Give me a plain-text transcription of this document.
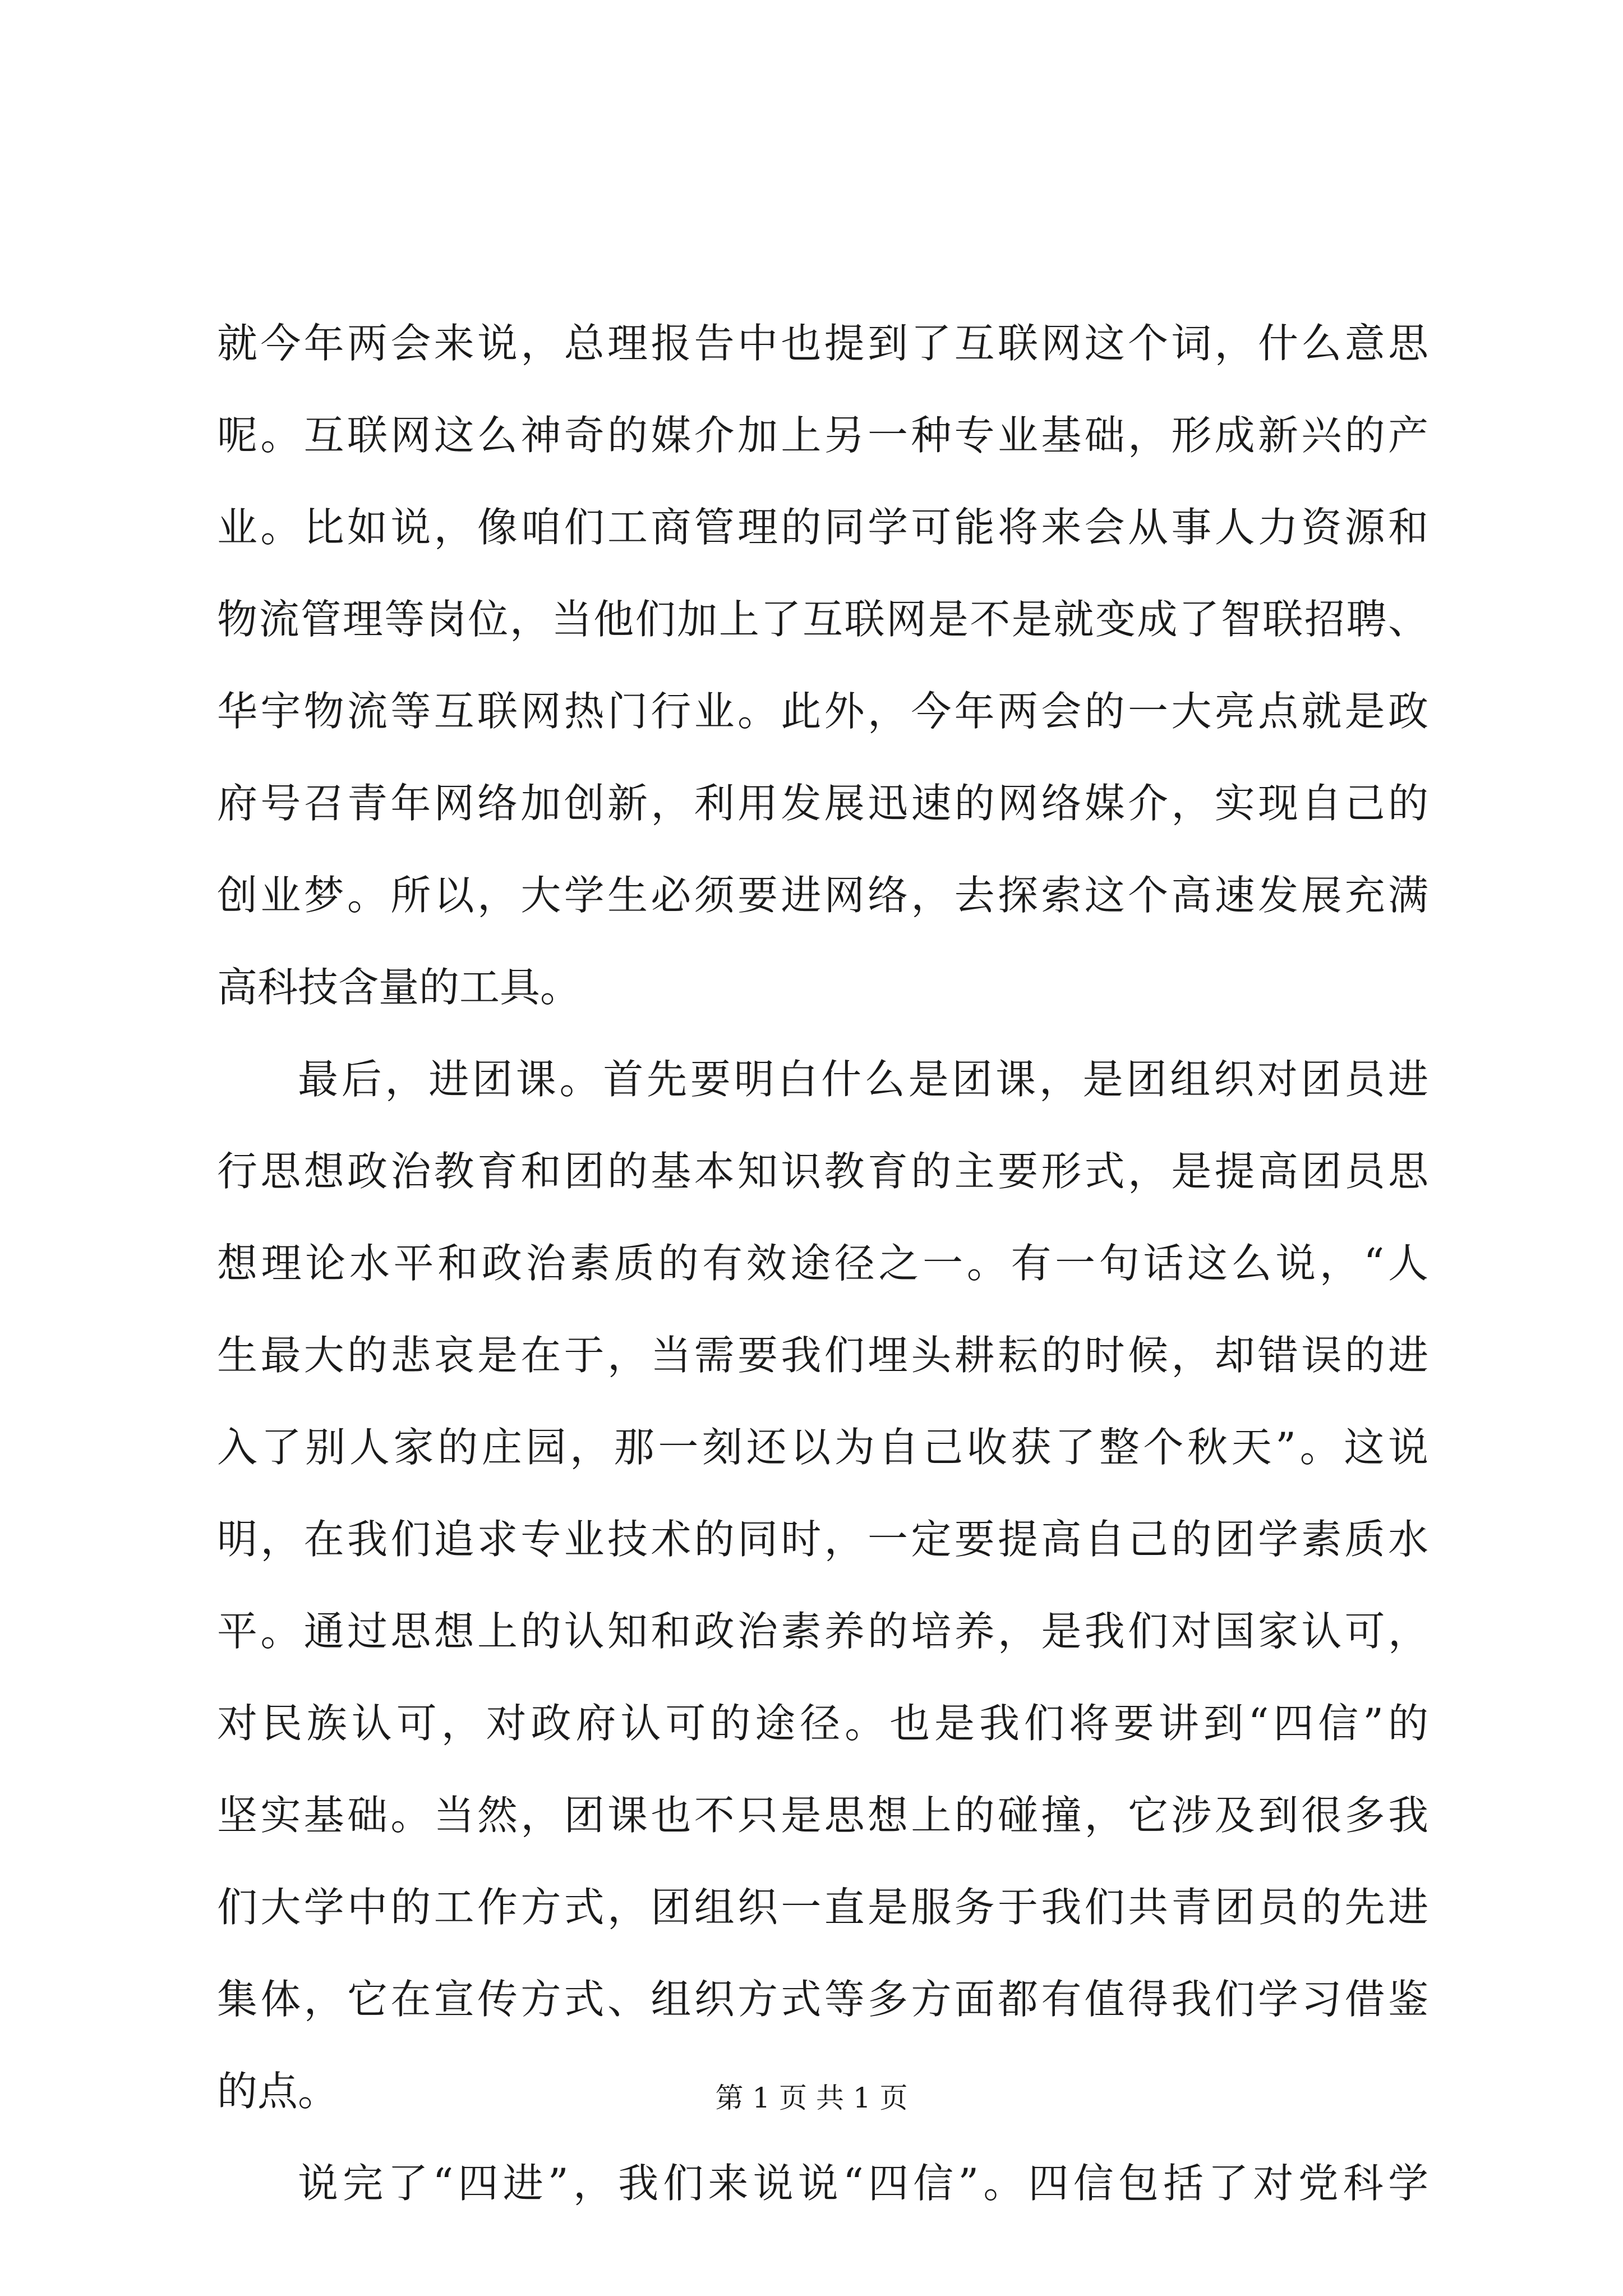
就今年两会来说，总理报告中也提到了互联网这个词，什么意思
呢。互联网这么神奇的媒介加上另一种专业基础，形成新兴的产
业。比如说，像咱们工商管理的同学可能将来会从事人力资源和
物流管理等岗位，当他们加上了互联网是不是就变成了智联招聘、
华宇物流等互联网热门行业。此外，今年两会的一大亮点就是政
府号召青年网络加创新，利用发展迅速的网络媒介，实现自己的
创业梦。所以，大学生必须要进网络，去探索这个高速发展充满
高科技含量的工具。
最后，进团课。首先要明白什么是团课，是团组织对团员进
行思想政治教育和团的基本知识教育的主要形式，是提高团员思
想理论水平和政治素质的有效途径之一。有一句话这么说，“人
生最大的悲哀是在于，当需要我们埋头耕耘的时候，却错误的进
入了别人家的庄园，那一刻还以为自己收获了整个秋天”。这说
明，在我们追求专业技术的同时，一定要提高自己的团学素质水
平。通过思想上的认知和政治素养的培养，是我们对国家认可，
对民族认可，对政府认可的途径。也是我们将要讲到“四信”的
坚实基础。当然，团课也不只是思想上的碰撞，它涉及到很多我
们大学中的工作方式，团组织一直是服务于我们共青团员的先进
集体，它在宣传方式、组织方式等多方面都有值得我们学习借鉴
的点。
说完了“四进”，我们来说说“四信”。四信包括了对党科学
第 1 页 共 1 页
